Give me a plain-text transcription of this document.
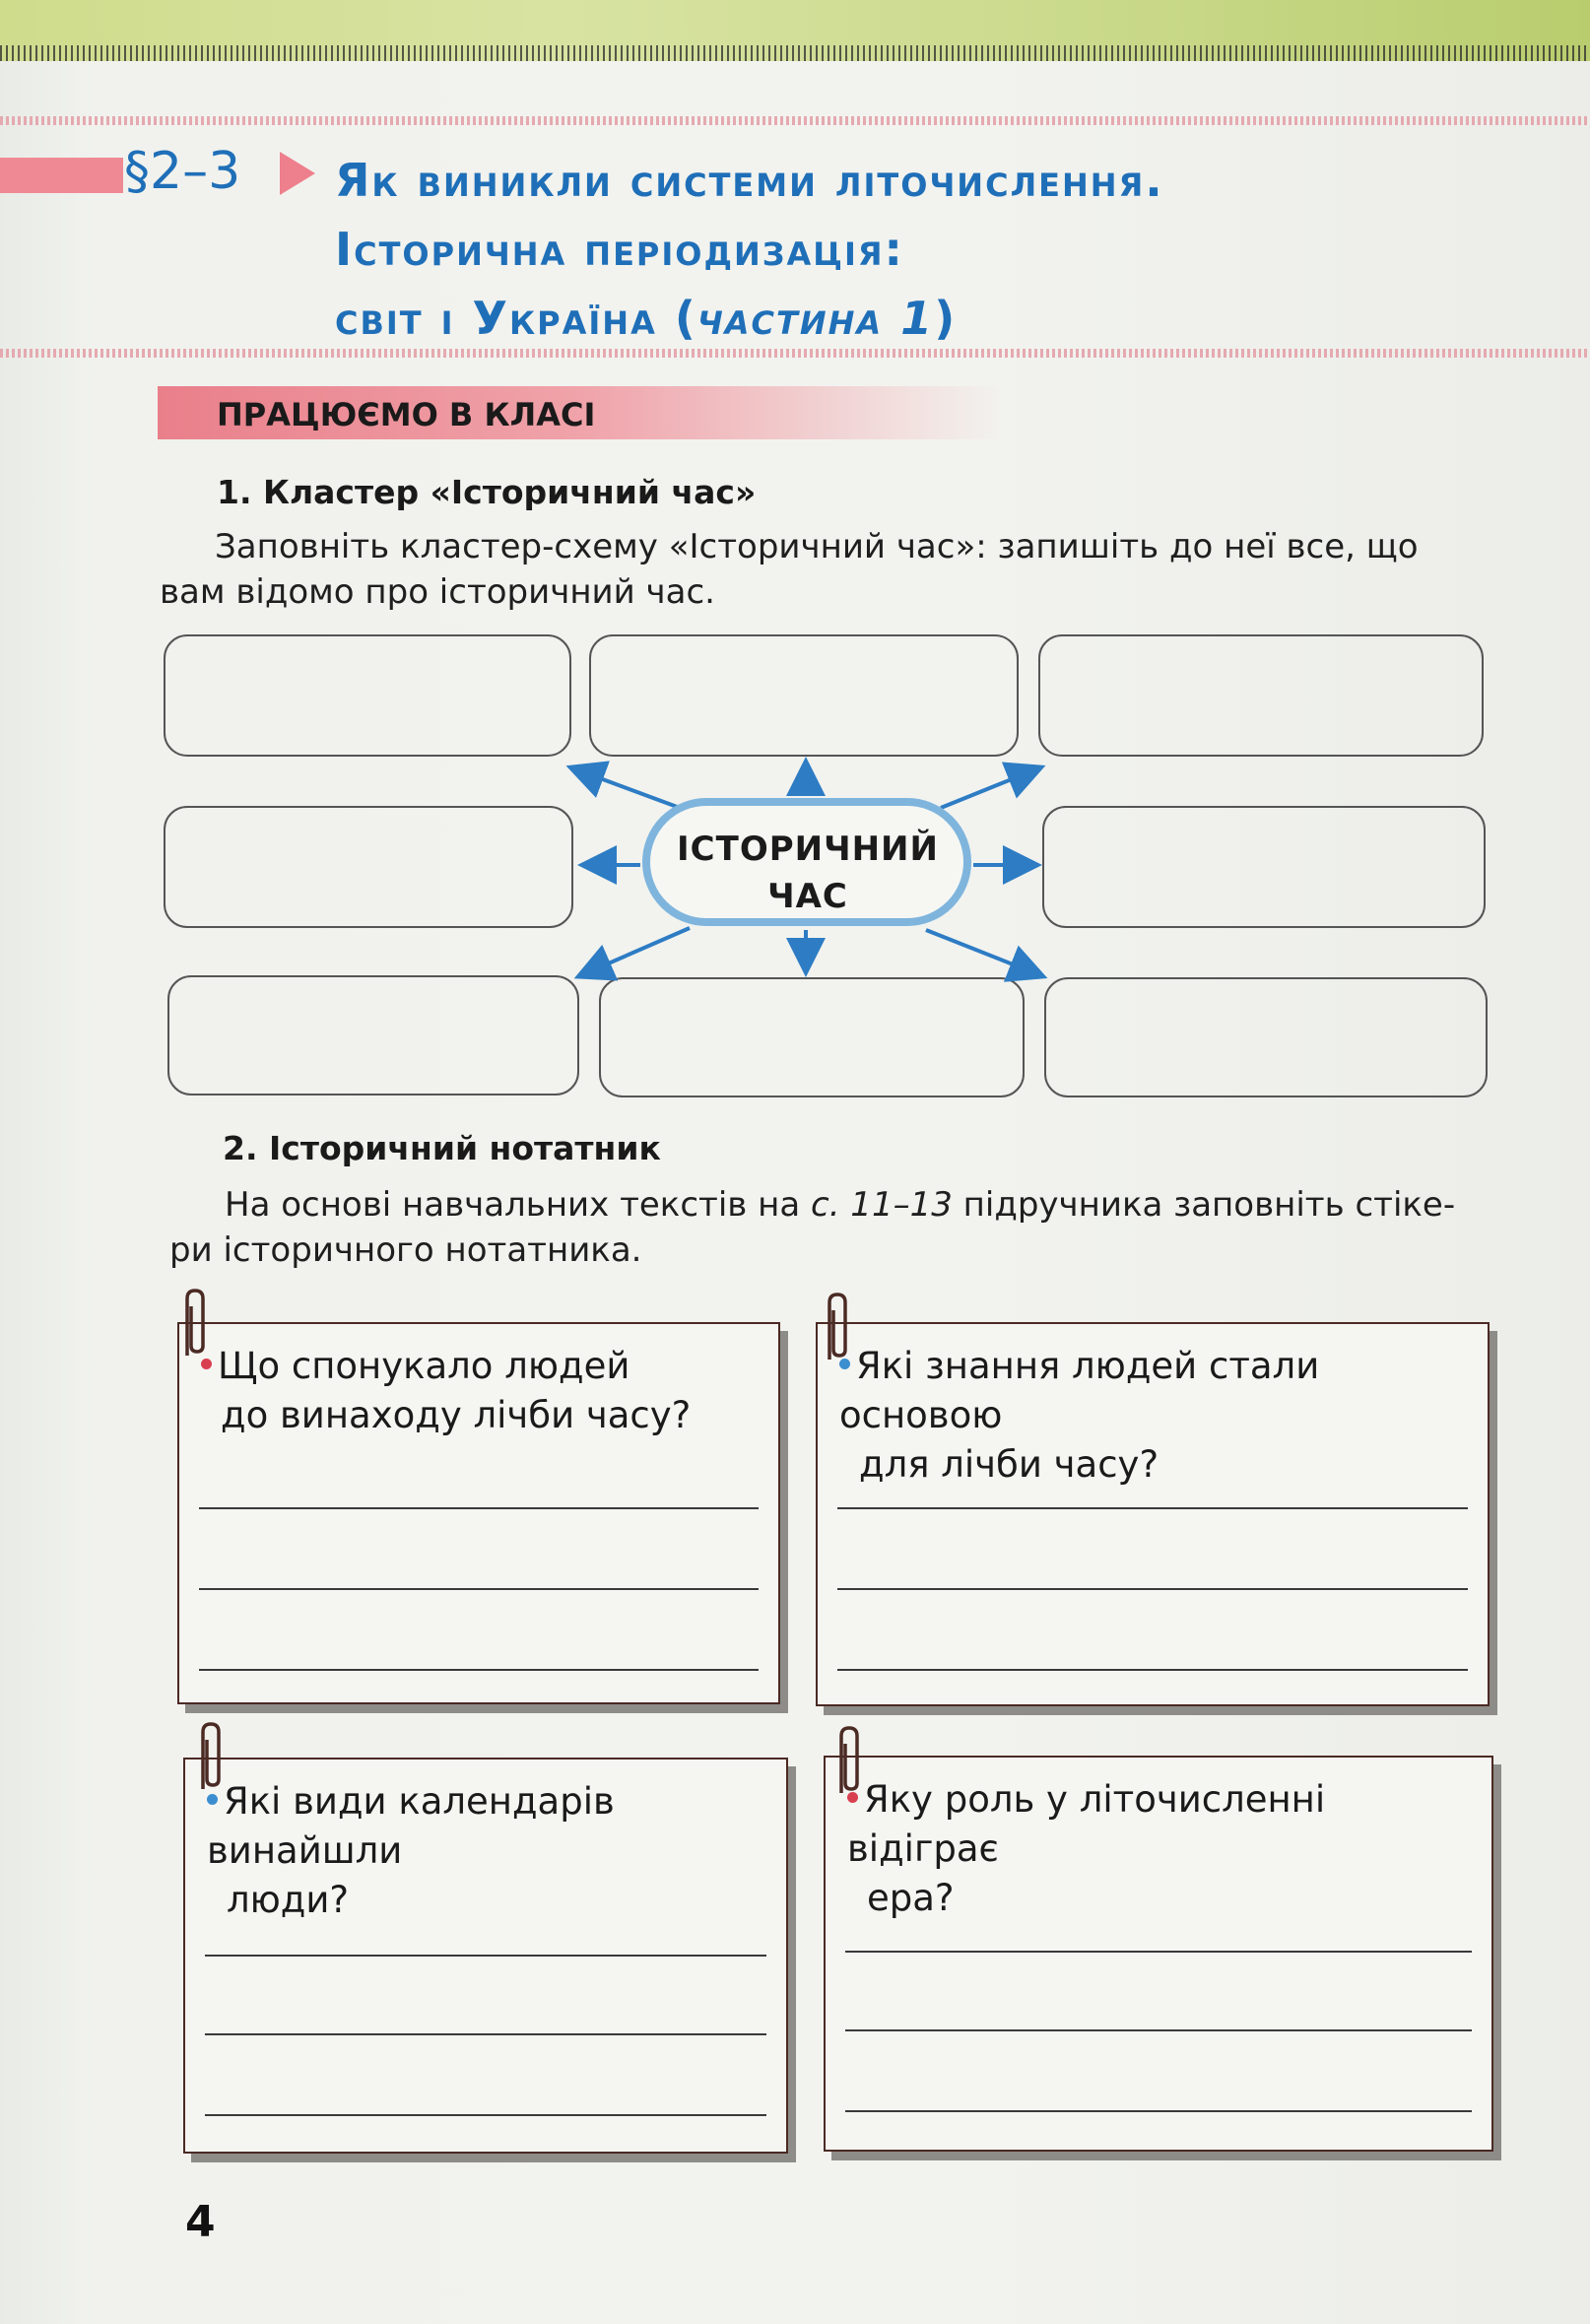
§2–3 Як виникли системи літочислення.
Історична періодизація:
світ і Україна (частина 1)
ПРАЦЮЄМО В КЛАСІ
1. Кластер «Історичний час»
Заповніть кластер-схему «Історичний час»: запишіть до неї все, що
вам відомо про історичний час.
ІСТОРИЧНИЙ
ЧАС
2. Історичний нотатник
На основі навчальних текстів на с. 11–13 підручника заповніть стіке-
ри історичного нотатника.
Що спонукало людей
до винаходу лічби часу?
Які знання людей стали основою
для лічби часу?
Які види календарів винайшли
люди?
Яку роль у літочисленні відіграє
ера?
4
